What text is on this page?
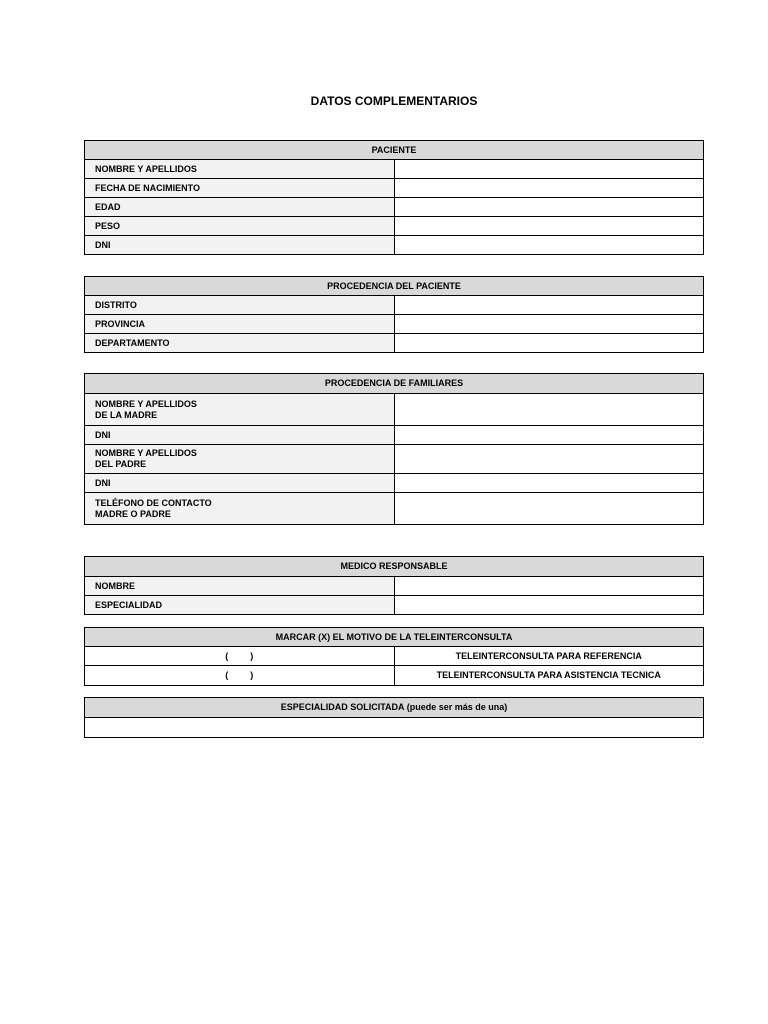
DATOS COMPLEMENTARIOS
PACIENTE	
NOMBRE Y APELLIDOS	
FECHA DE NACIMIENTO	
EDAD	
PESO	
DNI	
PROCEDENCIA DEL PACIENTE	
DISTRITO	
PROVINCIA	
DEPARTAMENTO	
PROCEDENCIA DE FAMILIARES	
NOMBRE Y APELLIDOS
DE LA MADRE	
DNI	
NOMBRE Y APELLIDOS
DEL PADRE	
DNI	
TELÉFONO DE CONTACTO
MADRE O PADRE	
MEDICO RESPONSABLE	
NOMBRE	
ESPECIALIDAD	
MARCAR (X) EL MOTIVO DE LA TELEINTERCONSULTA	
( )	TELEINTERCONSULTA PARA REFERENCIA
( )	TELEINTERCONSULTA PARA ASISTENCIA TECNICA
ESPECIALIDAD SOLICITADA (puede ser más de una)
